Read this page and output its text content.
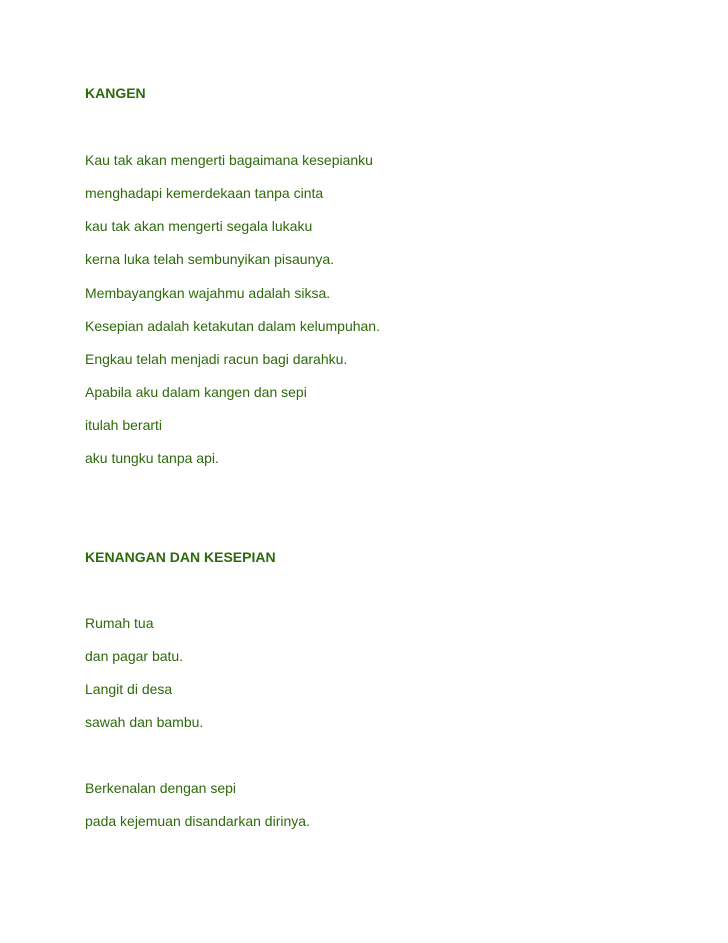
KANGEN

Kau tak akan mengerti bagaimana kesepianku

menghadapi kemerdekaan tanpa cinta

kau tak akan mengerti segala lukaku

kerna luka telah sembunyikan pisaunya.

Membayangkan wajahmu adalah siksa.

Kesepian adalah ketakutan dalam kelumpuhan.

Engkau telah menjadi racun bagi darahku.

Apabila aku dalam kangen dan sepi

itulah berarti

aku tungku tanpa api.

KENANGAN DAN KESEPIAN

Rumah tua

dan pagar batu.

Langit di desa

sawah dan bambu.

Berkenalan dengan sepi

pada kejemuan disandarkan dirinya.
